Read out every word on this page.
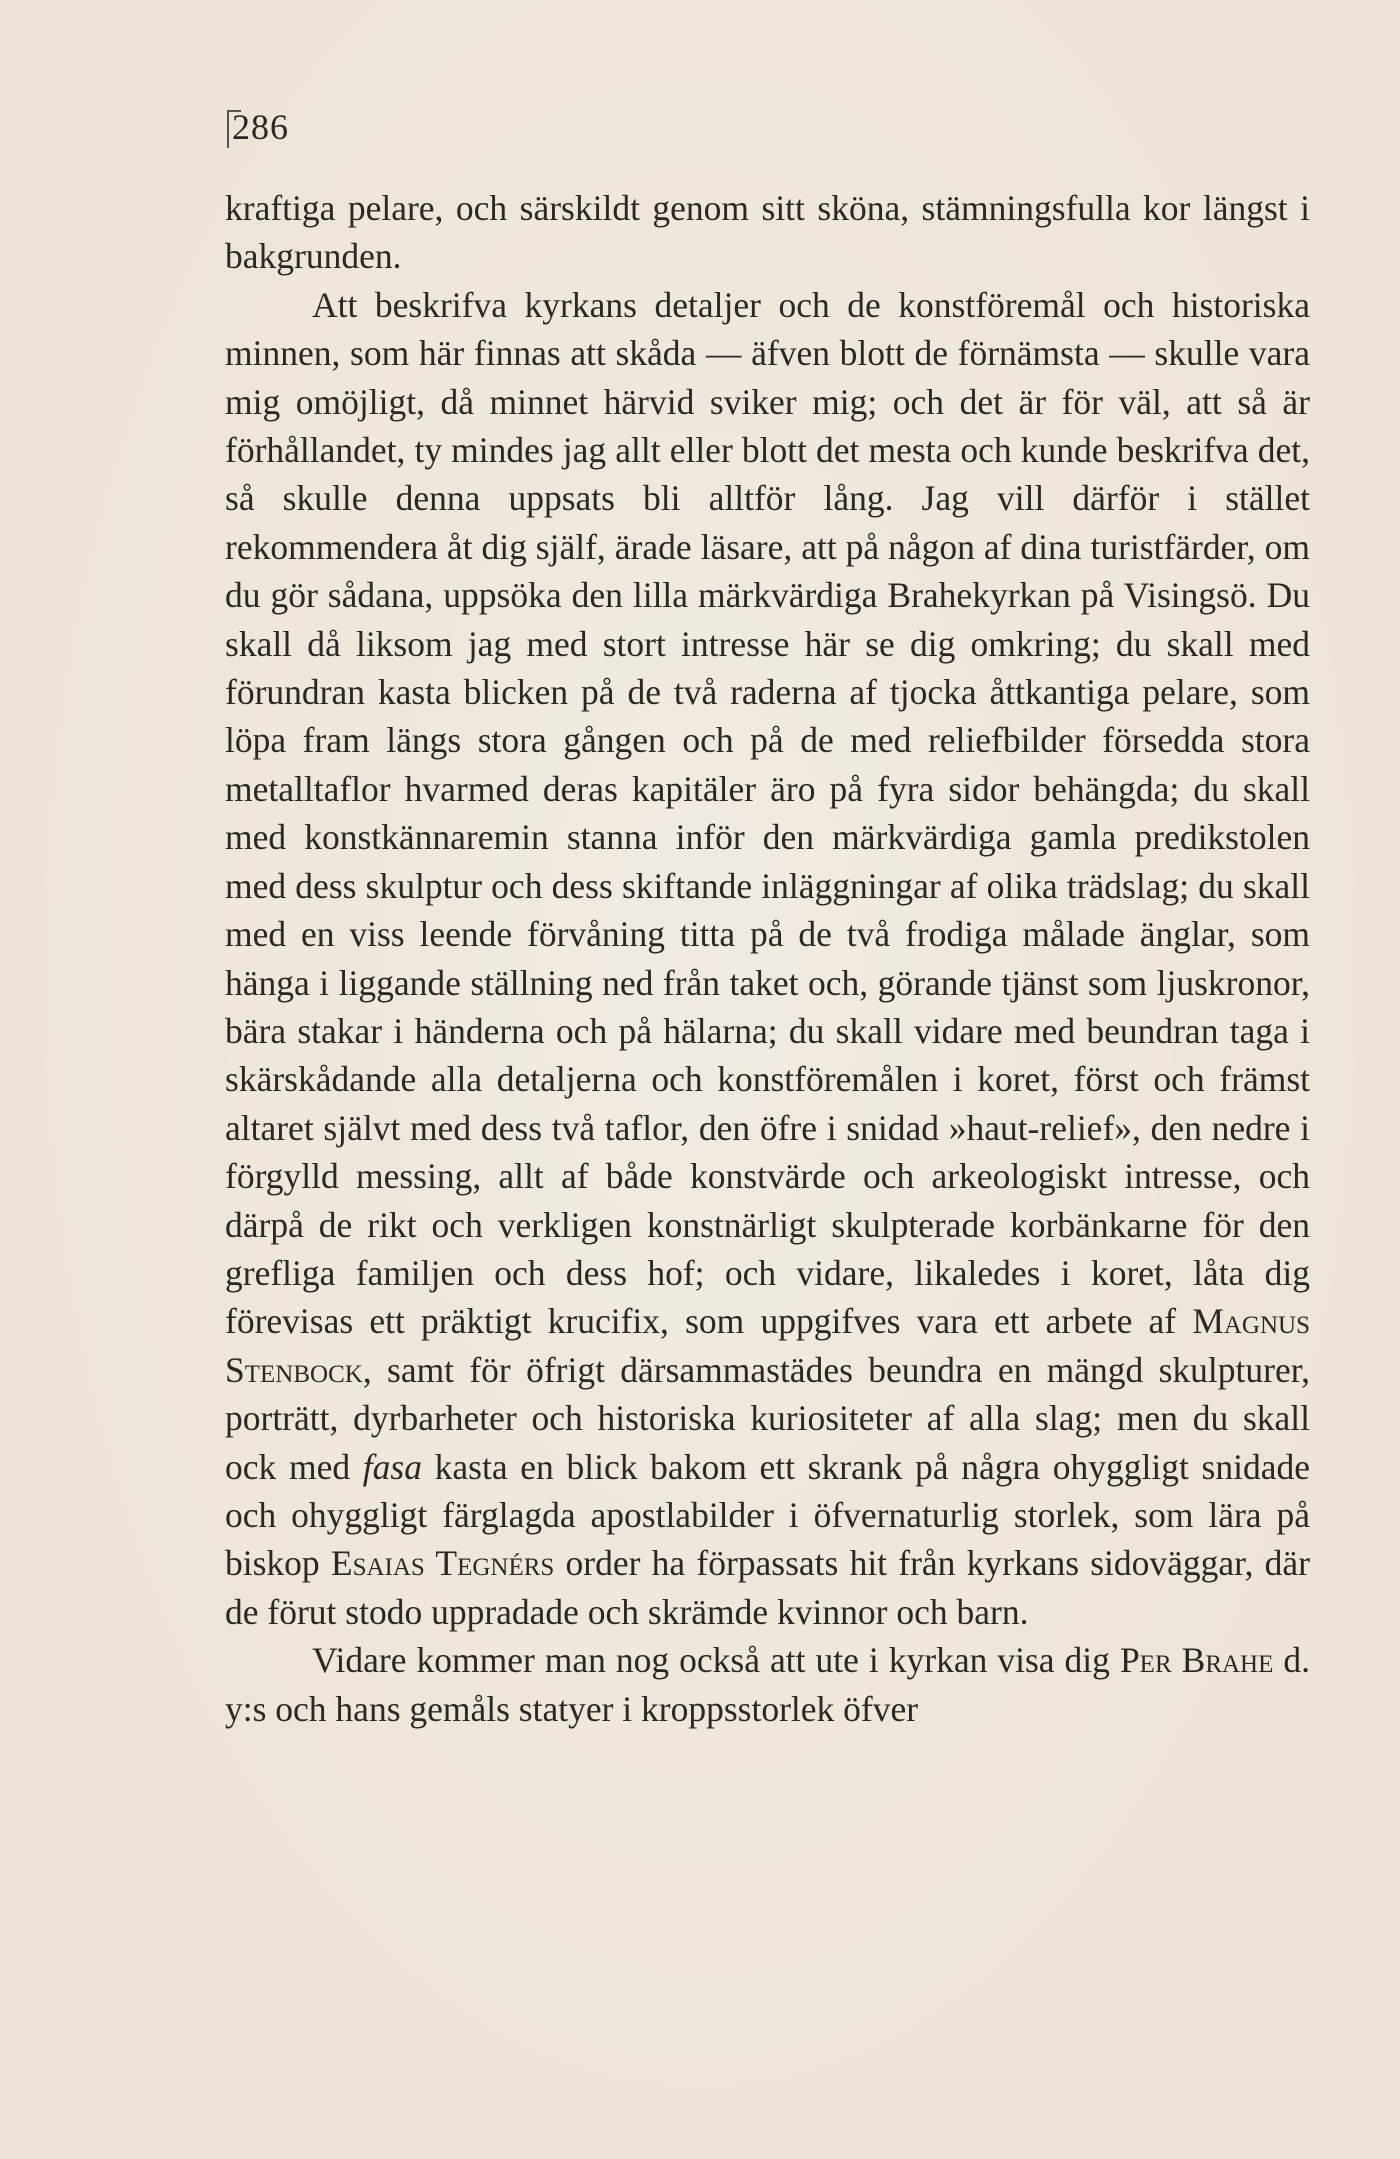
286

kraftiga pelare, och särskildt genom sitt sköna, stämningsfulla kor längst i bakgrunden.

Att beskrifva kyrkans detaljer och de konstföremål och historiska minnen, som här finnas att skåda — äfven blott de förnämsta — skulle vara mig omöjligt, då minnet härvid sviker mig; och det är för väl, att så är förhållandet, ty mindes jag allt eller blott det mesta och kunde beskrifva det, så skulle denna uppsats bli alltför lång. Jag vill därför i stället rekommendera åt dig själf, ärade läsare, att på någon af dina turistfärder, om du gör sådana, uppsöka den lilla märkvärdiga Brahekyrkan på Visingsö. Du skall då liksom jag med stort intresse här se dig omkring; du skall med förundran kasta blicken på de två raderna af tjocka åttkantiga pelare, som löpa fram längs stora gången och på de med reliefbilder försedda stora metalltaflor hvarmed deras kapitäler äro på fyra sidor behängda; du skall med konstkännaremin stanna inför den märkvärdiga gamla predikstolen med dess skulptur och dess skiftande inläggningar af olika trädslag; du skall med en viss leende förvåning titta på de två frodiga målade änglar, som hänga i liggande ställning ned från taket och, görande tjänst som ljuskronor, bära stakar i händerna och på hälarna; du skall vidare med beundran taga i skärskådande alla detaljerna och konstföremålen i koret, först och främst altaret självt med dess två taflor, den öfre i snidad »haut-relief», den nedre i förgylld messing, allt af både konstvärde och arkeologiskt intresse, och därpå de rikt och verkligen konstnärligt skulpterade korbänkarne för den grefliga familjen och dess hof; och vidare, likaledes i koret, låta dig förevisas ett präktigt krucifix, som uppgifves vara ett arbete af Magnus Stenbock, samt för öfrigt därsammastädes beundra en mängd skulpturer, porträtt, dyrbarheter och historiska kuriositeter af alla slag; men du skall ock med fasa kasta en blick bakom ett skrank på några ohyggligt snidade och ohyggligt färglagda apostlabilder i öfvernaturlig storlek, som lära på biskop Esaias Tegnérs order ha förpassats hit från kyrkans sidoväggar, där de förut stodo uppradade och skrämde kvinnor och barn.

Vidare kommer man nog också att ute i kyrkan visa dig Per Brahe d. y:s och hans gemåls statyer i kroppsstorlek öfver
